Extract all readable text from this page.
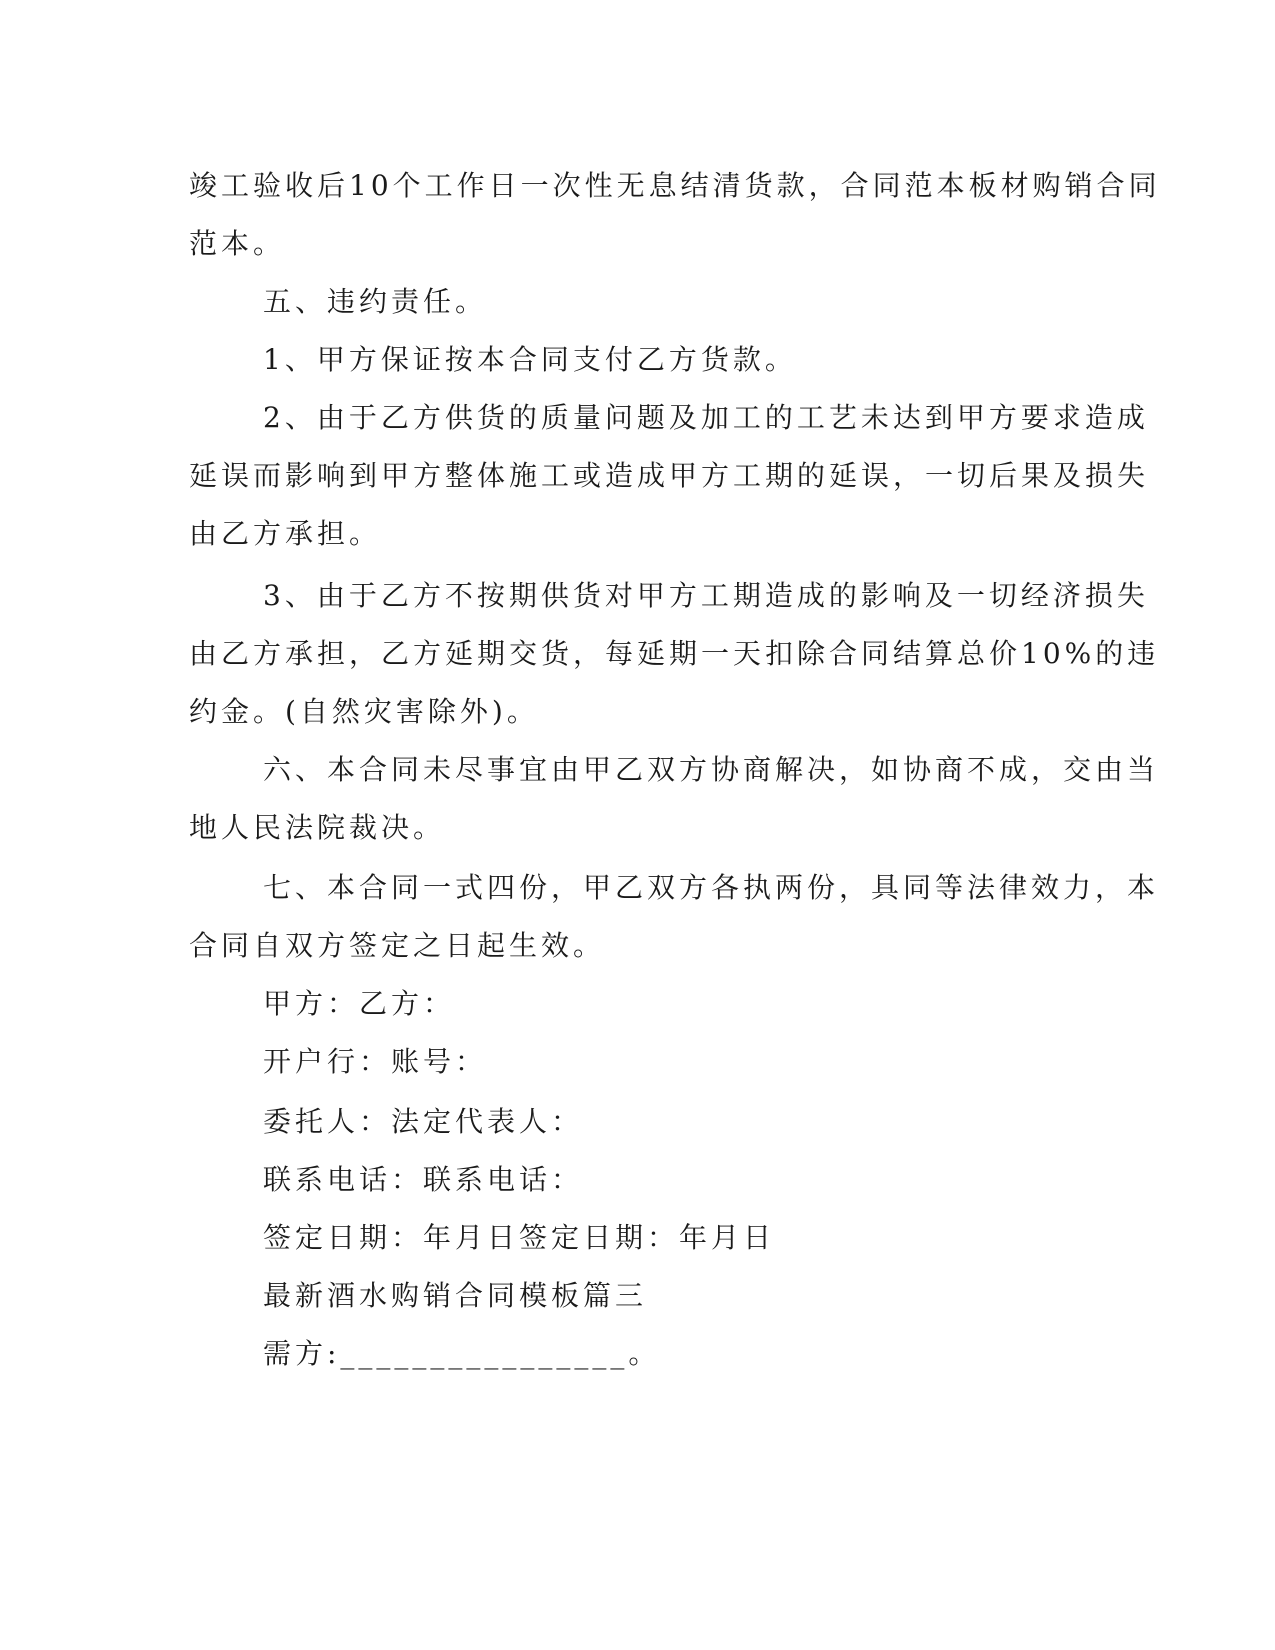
竣工验收后10个工作日一次性无息结清货款，合同范本板材购销合同
范本。
五、违约责任。
1、甲方保证按本合同支付乙方货款。
2、由于乙方供货的质量问题及加工的工艺未达到甲方要求造成
延误而影响到甲方整体施工或造成甲方工期的延误，一切后果及损失
由乙方承担。
3、由于乙方不按期供货对甲方工期造成的影响及一切经济损失
由乙方承担，乙方延期交货，每延期一天扣除合同结算总价10%的违
约金。(自然灾害除外)。
六、本合同未尽事宜由甲乙双方协商解决，如协商不成，交由当
地人民法院裁决。
七、本合同一式四份，甲乙双方各执两份，具同等法律效力，本
合同自双方签定之日起生效。
甲方：乙方：
开户行：账号：
委托人：法定代表人：
联系电话：联系电话：
签定日期：年月日签定日期：年月日
最新酒水购销合同模板篇三
需方:________________。
